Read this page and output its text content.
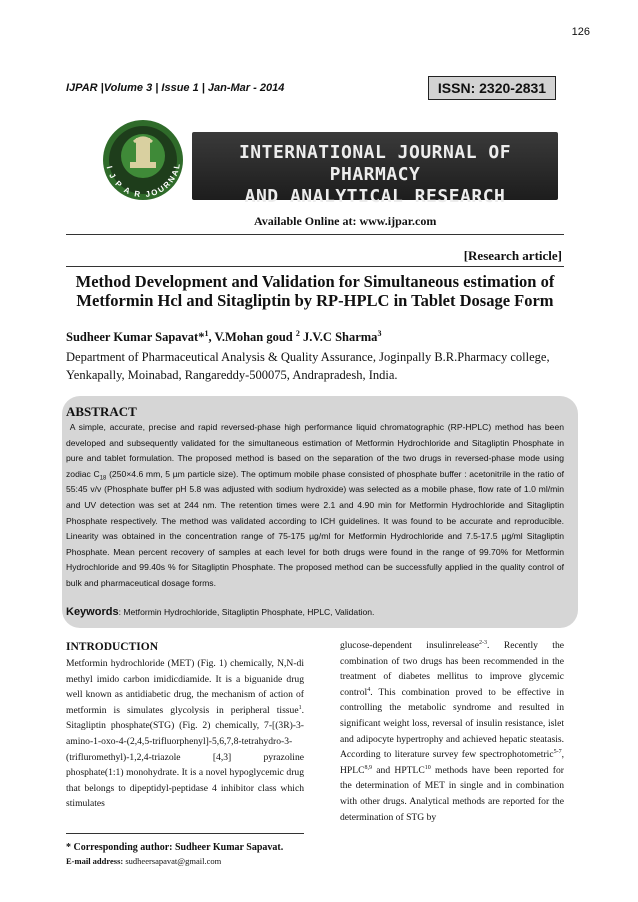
126
IJPAR |Volume 3 | Issue 1 | Jan-Mar - 2014	ISSN: 2320-2831
INTERNATIONAL JOURNAL OF PHARMACY
AND ANALYTICAL RESEARCH
I J P A R JOURNAL
Available Online at: www.ijpar.com
[Research article]
Method Development and Validation for Simultaneous estimation of Metformin Hcl and Sitagliptin by RP-HPLC in Tablet Dosage Form
Sudheer Kumar Sapavat*$^1$, V.Mohan goud $^2$ J.V.C Sharma$^3$
Department of Pharmaceutical Analysis & Quality Assurance, Joginpally B.R.Pharmacy college, Yenkapally, Moinabad, Rangareddy-500075, Andrapradesh, India.
ABSTRACT
A simple, accurate, precise and rapid reversed-phase high performance liquid chromatographic (RP-HPLC) method has been developed and subsequently validated for the simultaneous estimation of Metformin Hydrochloride and Sitagliptin Phosphate in pure and tablet formulation. The proposed method is based on the separation of the two drugs in reversed-phase mode using zodiac $C_{18}$ (250×4.6 mm, 5 µm particle size). The optimum mobile phase consisted of phosphate buffer : acetonitrile in the ratio of 55:45 v/v (Phosphate buffer pH 5.8 was adjusted with sodium hydroxide) was selected as a mobile phase, flow rate of 1.0 ml/min and UV detection was set at 244 nm. The retention times were 2.1 and 4.90 min for Metformin Hydrochloride and Sitagliptin Phosphate respectively. The method was validated according to ICH guidelines. It was found to be accurate and reproducible. Linearity was obtained in the concentration range of 75-175 µg/ml for Metformin Hydrochloride and 7.5-17.5 µg/ml Sitagliptin Phosphate. Mean percent recovery of samples at each level for both drugs were found in the range of 99.70% for Metformin Hydrochloride and 99.40s % for Sitagliptin Phosphate. The proposed method can be successfully applied in the quality control of bulk and pharmaceutical dosage forms.
Keywords: Metformin Hydrochloride, Sitagliptin Phosphate, HPLC, Validation.
INTRODUCTION
Metformin hydrochloride (MET) (Fig. 1) chemically, N,N-di methyl imido carbon imidicdiamide. It is a biguanide drug well known as antidiabetic drug, the mechanism of action of metformin is simulates glycolysis in peripheral tissue$^1$. Sitagliptin phosphate(STG) (Fig. 2) chemically, 7-[(3R)-3-amino-1-oxo-4-(2,4,5-trifluorphenyl]-5,6,7,8-tetrahydro-3-(trifluromethyl)-1,2,4-triazole [4,3] pyrazoline phosphate(1:1) monohydrate. It is a novel hypoglycemic drug that belongs to dipeptidyl-peptidase 4 inhibitor class which stimulates
glucose-dependent insulinrelease$^{2-3}$. Recently the combination of two drugs has been recommended in the treatment of diabetes mellitus to improve glycemic control$^4$. This combination proved to be effective in controlling the metabolic syndrome and resulted in significant weight loss, reversal of insulin resistance, islet and adipocyte hypertrophy and achieved hepatic steatasis. According to literature survey few spectrophotometric$^{5-7}$, HPLC$^{8,9}$ and HPTLC$^{10}$ methods have been reported for the determination of MET in single and in combination with other drugs. Analytical methods are reported for the determination of STG by
* Corresponding author: Sudheer Kumar Sapavat.
E-mail address: sudheersapavat@gmail.com
